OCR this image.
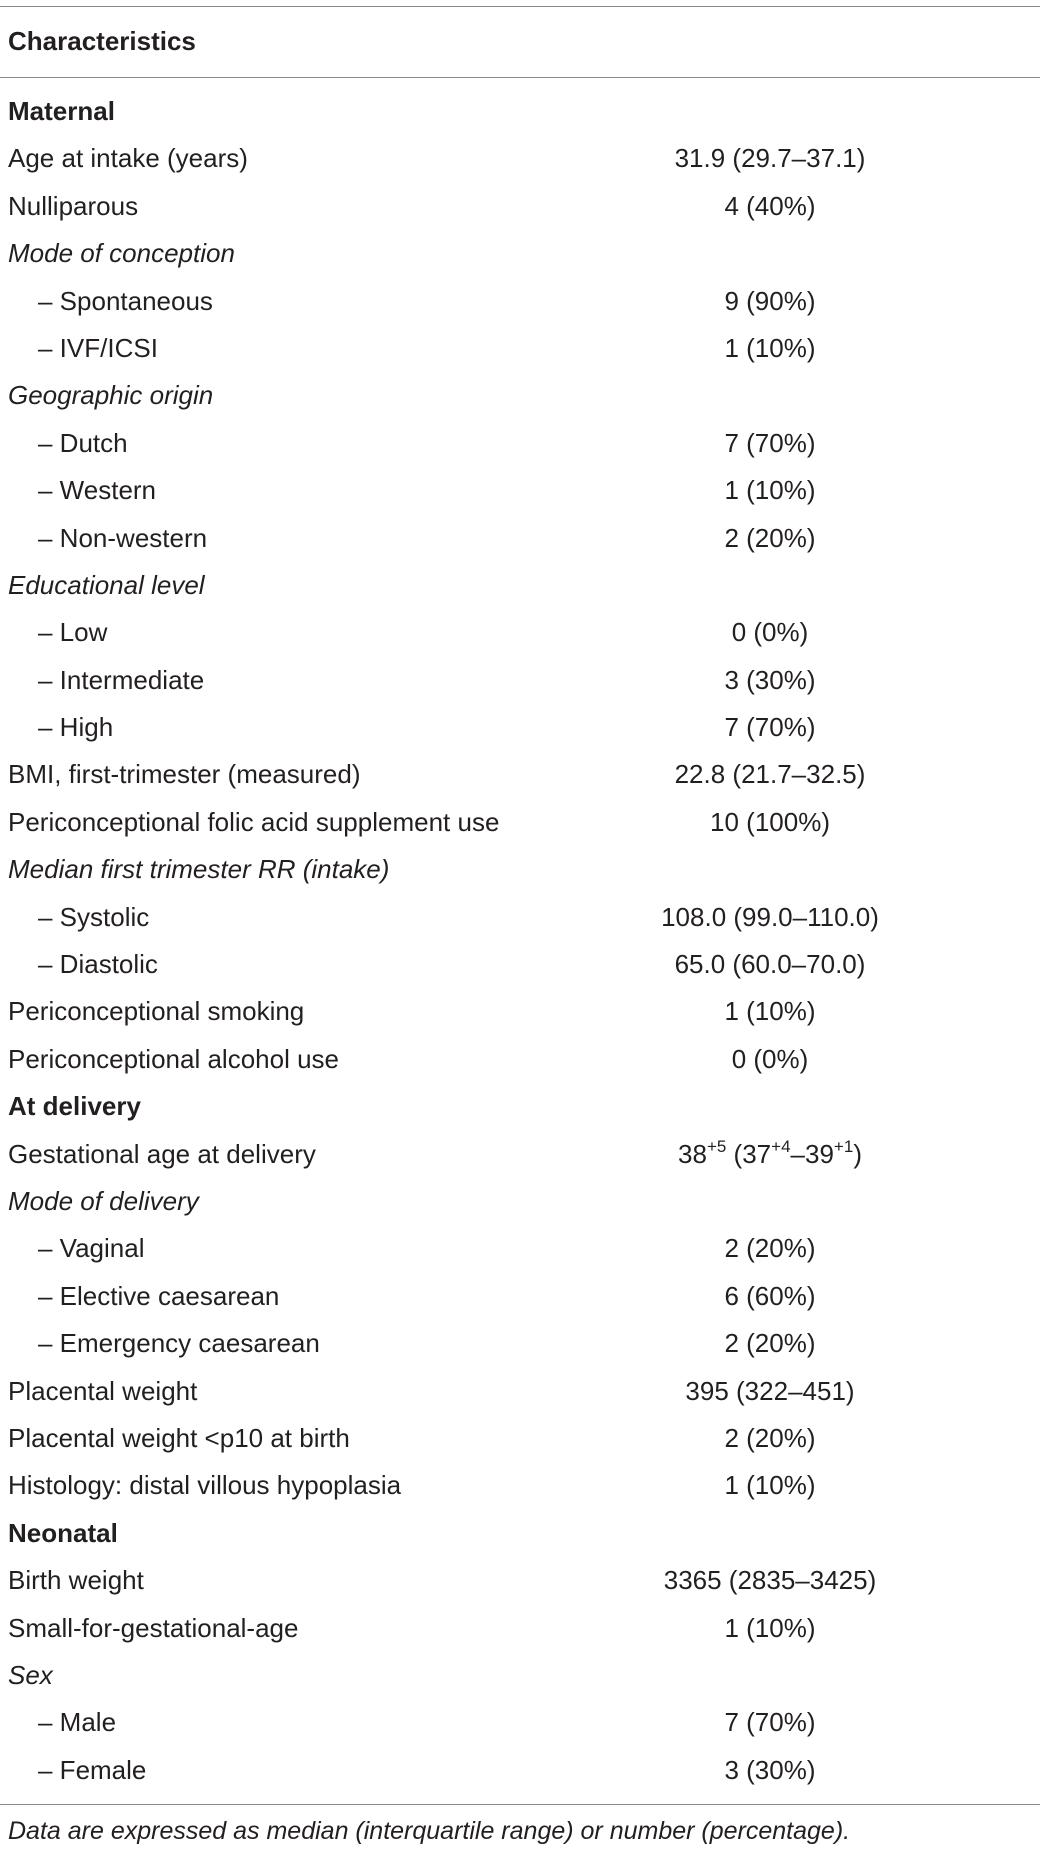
Characteristics
Maternal
Age at intake (years)	31.9 (29.7–37.1)
Nulliparous	4 (40%)
Mode of conception
– Spontaneous	9 (90%)
– IVF/ICSI	1 (10%)
Geographic origin
– Dutch	7 (70%)
– Western	1 (10%)
– Non-western	2 (20%)
Educational level
– Low	0 (0%)
– Intermediate	3 (30%)
– High	7 (70%)
BMI, first-trimester (measured)	22.8 (21.7–32.5)
Periconceptional folic acid supplement use	10 (100%)
Median first trimester RR (intake)
– Systolic	108.0 (99.0–110.0)
– Diastolic	65.0 (60.0–70.0)
Periconceptional smoking	1 (10%)
Periconceptional alcohol use	0 (0%)
At delivery
Gestational age at delivery	$38^{+5}$ $(37^{+4}-39^{+1})$
Mode of delivery
– Vaginal	2 (20%)
– Elective caesarean	6 (60%)
– Emergency caesarean	2 (20%)
Placental weight	395 (322–451)
Placental weight <p10 at birth	2 (20%)
Histology: distal villous hypoplasia	1 (10%)
Neonatal
Birth weight	3365 (2835–3425)
Small-for-gestational-age	1 (10%)
Sex
– Male	7 (70%)
– Female	3 (30%)
Data are expressed as median (interquartile range) or number (percentage).
